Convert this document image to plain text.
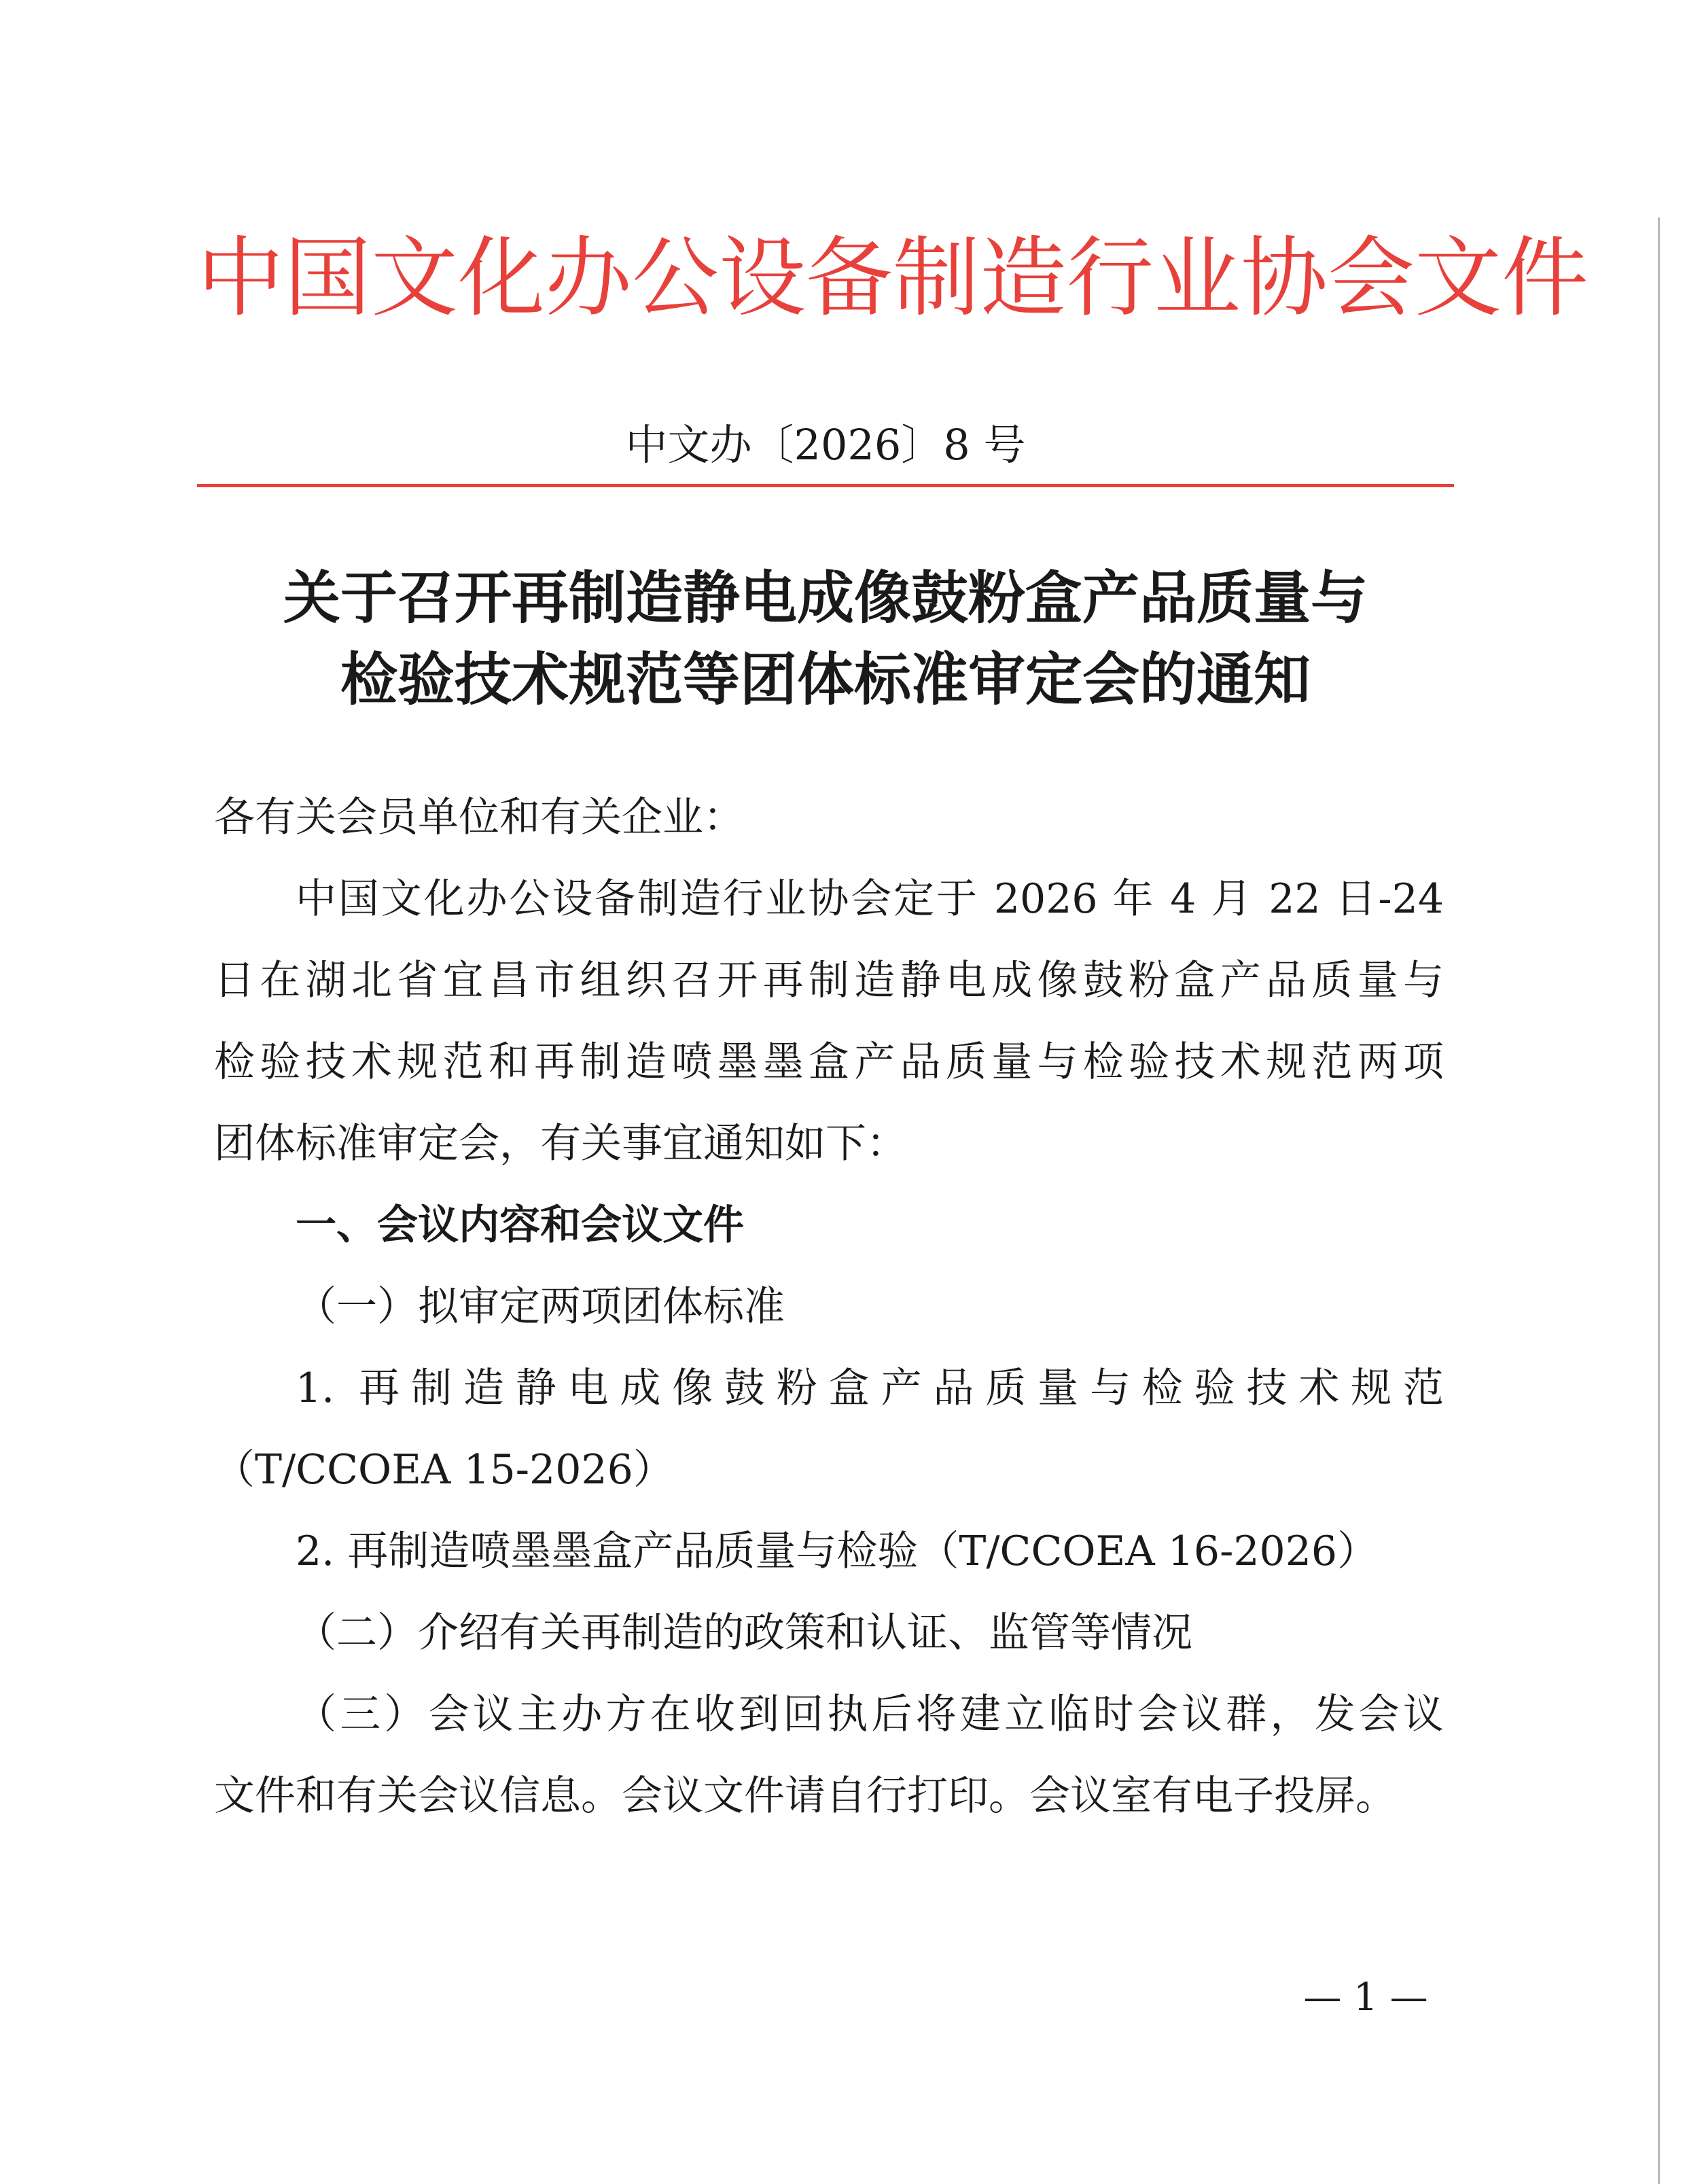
中国文化办公设备制造行业协会文件
中文办〔2026〕8 号
关于召开再制造静电成像鼓粉盒产品质量与
检验技术规范等团体标准审定会的通知
各有关会员单位和有关企业：
中国文化办公设备制造行业协会定于 2026 年 4 月 22 日-24
日在湖北省宜昌市组织召开再制造静电成像鼓粉盒产品质量与
检验技术规范和再制造喷墨墨盒产品质量与检验技术规范两项
团体标准审定会，有关事宜通知如下：
一、会议内容和会议文件
（一）拟审定两项团体标准
1. 再制造静电成像鼓粉盒产品质量与检验技术规范
（T/CCOEA 15-2026）
2. 再制造喷墨墨盒产品质量与检验（T/CCOEA 16-2026）
（二）介绍有关再制造的政策和认证、监管等情况
（三）会议主办方在收到回执后将建立临时会议群，发会议
文件和有关会议信息。会议文件请自行打印。会议室有电子投屏。
— 1 —
